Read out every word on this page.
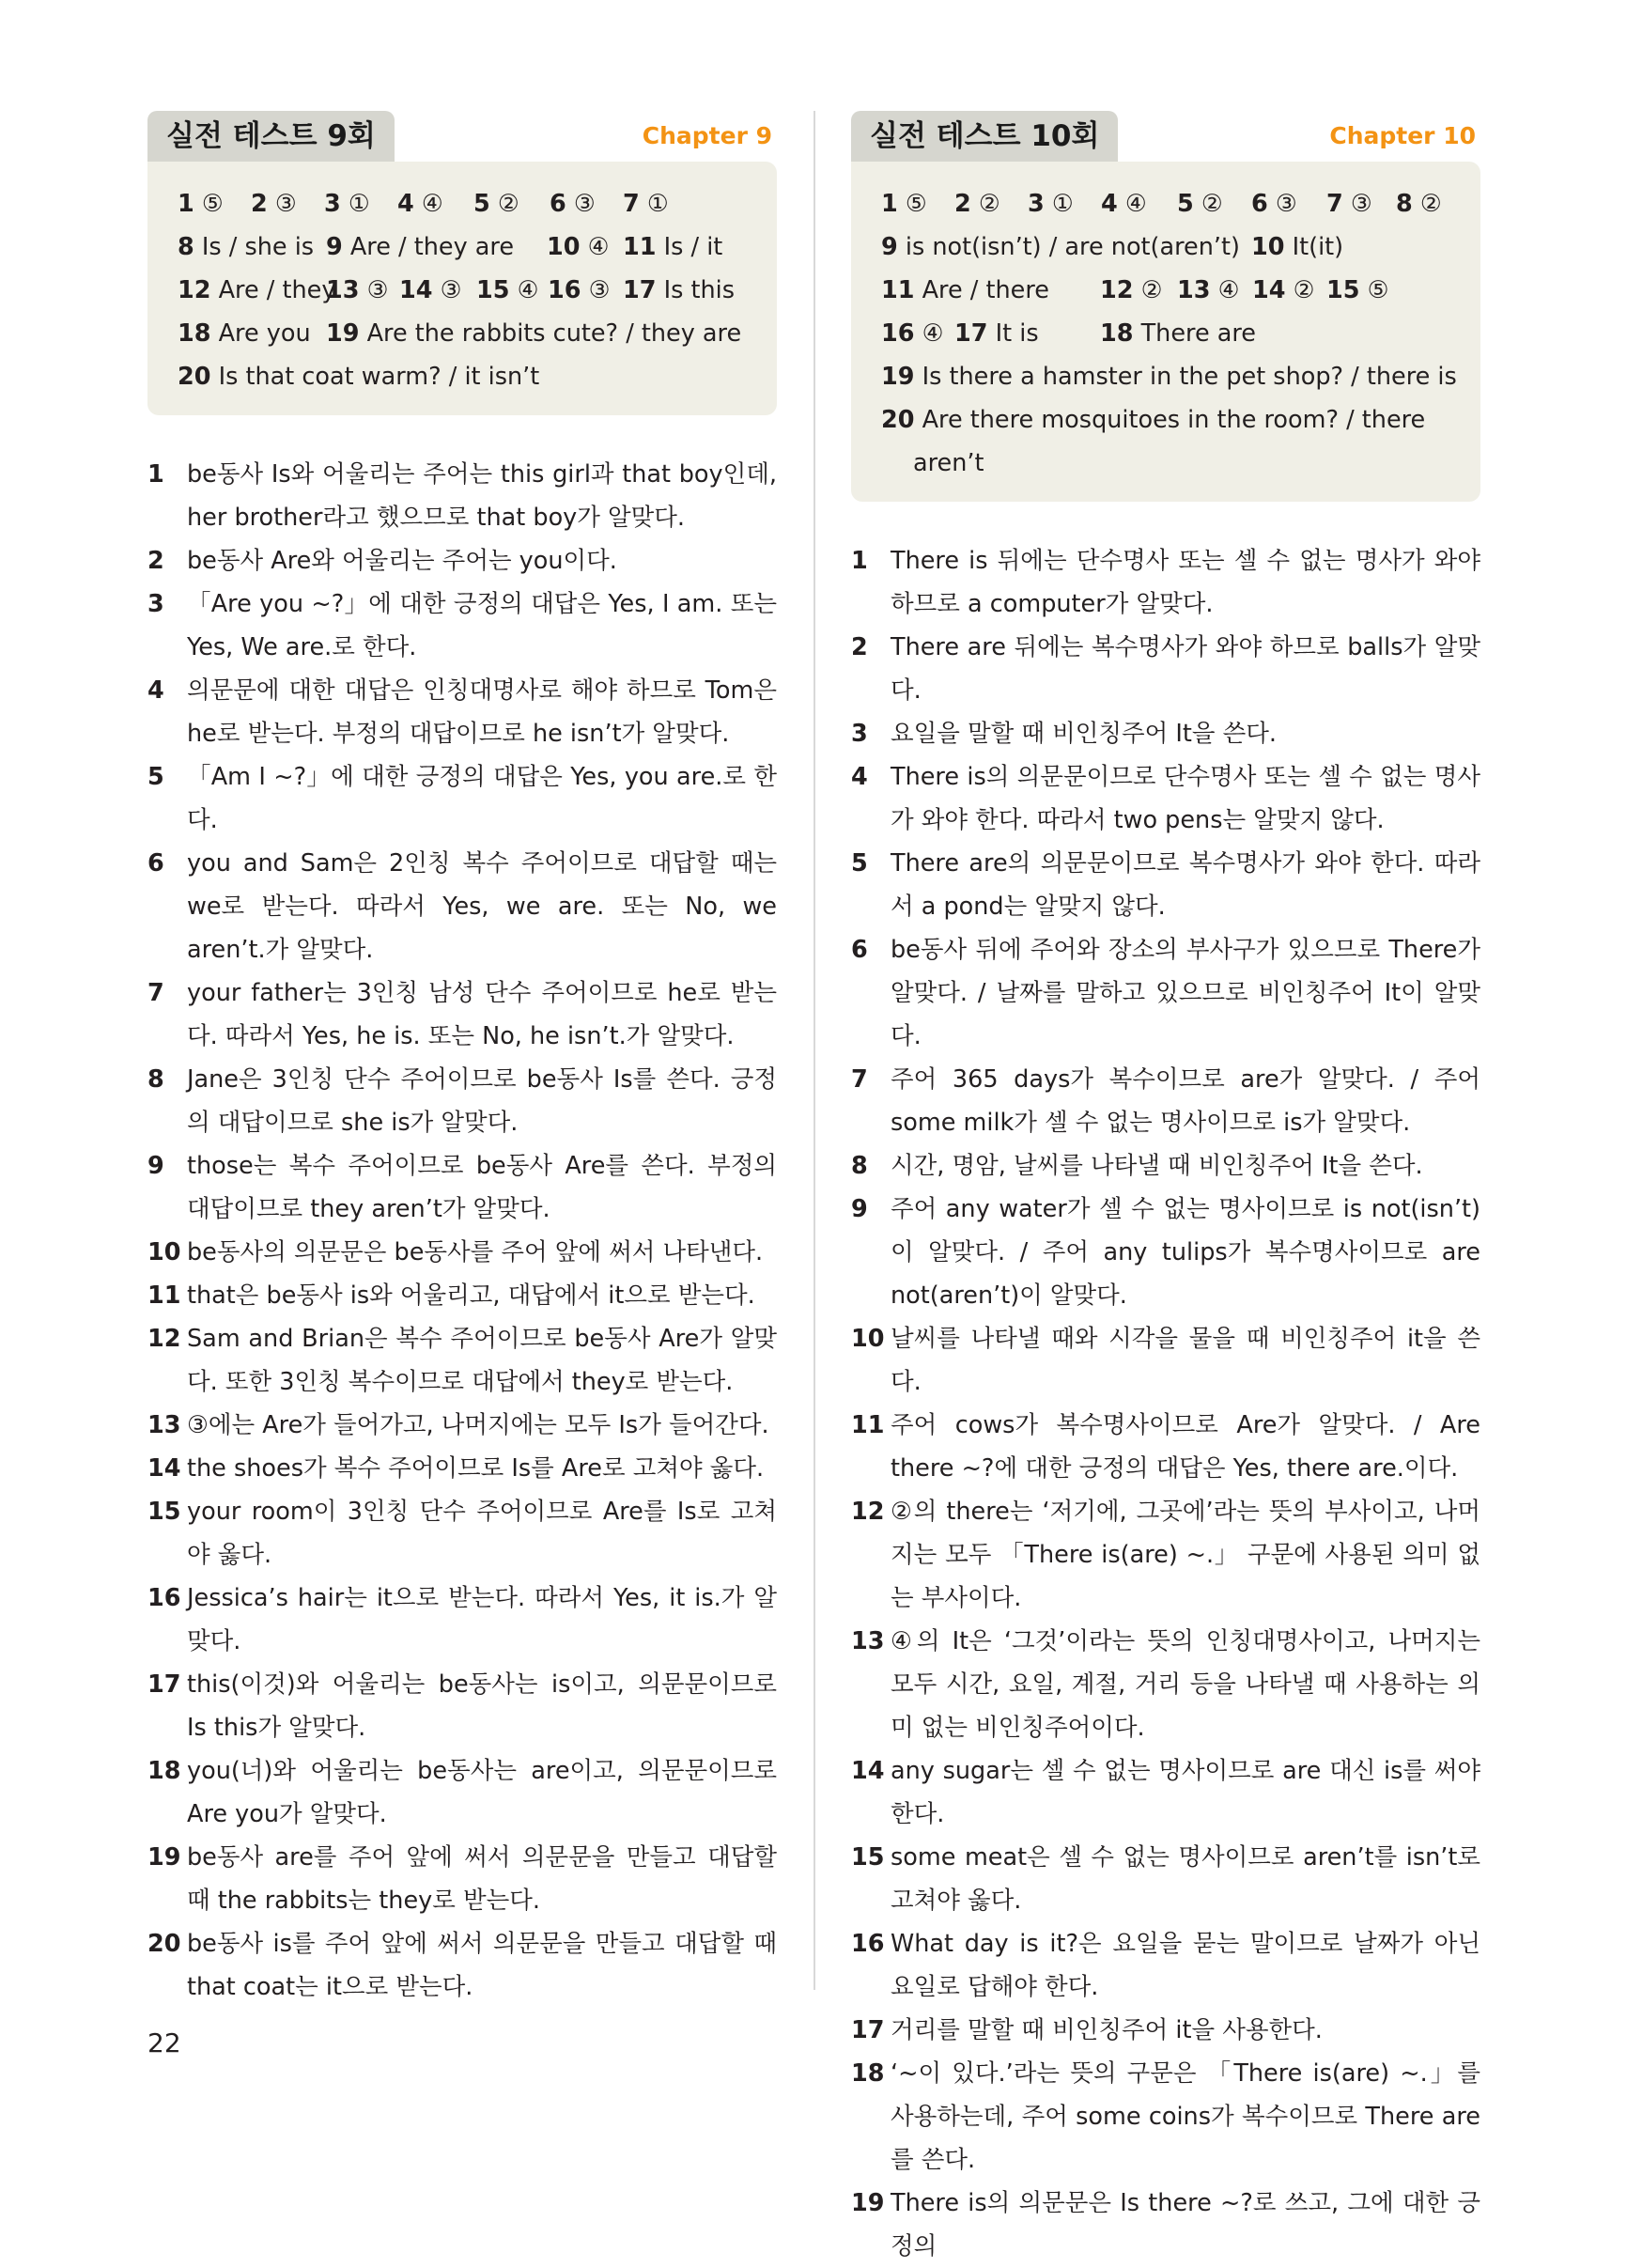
실전 테스트 9회	Chapter 9
1 ⑤ 2 ③ 3 ① 4 ④ 5 ② 6 ③ 7 ①
8 Is / she is 9 Are / they are 10 ④ 11 Is / it
12 Are / they
13 ③ 14 ③ 15 ④ 16 ③ 17 Is this
18 Are you 19 Are the rabbits cute? / they are
20 Is that coat warm? / it isn’t
1 be동사 Is와 어울리는 주어는 this girl과 that boy인데, her brother라고 했으므로 that boy가 알맞다.
2 be동사 Are와 어울리는 주어는 you이다.
3 「Are you ~?」에 대한 긍정의 대답은 Yes, I am. 또는 Yes, We are.로 한다.
4 의문문에 대한 대답은 인칭대명사로 해야 하므로 Tom은 he로 받는다. 부정의 대답이므로 he isn’t가 알맞다.
5 「Am I ~?」에 대한 긍정의 대답은 Yes, you are.로 한다.
6 you and Sam은 2인칭 복수 주어이므로 대답할 때는 we로 받는다. 따라서 Yes, we are. 또는 No, we aren’t.가 알맞다.
7 your father는 3인칭 남성 단수 주어이므로 he로 받는다. 따라서 Yes, he is. 또는 No, he isn’t.가 알맞다.
8 Jane은 3인칭 단수 주어이므로 be동사 Is를 쓴다. 긍정의 대답이므로 she is가 알맞다.
9 those는 복수 주어이므로 be동사 Are를 쓴다. 부정의 대답이므로 they aren’t가 알맞다.
10 be동사의 의문문은 be동사를 주어 앞에 써서 나타낸다.
11 that은 be동사 is와 어울리고, 대답에서 it으로 받는다.
12 Sam and Brian은 복수 주어이므로 be동사 Are가 알맞다. 또한 3인칭 복수이므로 대답에서 they로 받는다.
13 ③에는 Are가 들어가고, 나머지에는 모두 Is가 들어간다.
14 the shoes가 복수 주어이므로 Is를 Are로 고쳐야 옳다.
15 your room이 3인칭 단수 주어이므로 Are를 Is로 고쳐야 옳다.
16 Jessica’s hair는 it으로 받는다. 따라서 Yes, it is.가 알맞다.
17 this(이것)와 어울리는 be동사는 is이고, 의문문이므로 Is this가 알맞다.
18 you(너)와 어울리는 be동사는 are이고, 의문문이므로 Are you가 알맞다.
19 be동사 are를 주어 앞에 써서 의문문을 만들고 대답할 때 the rabbits는 they로 받는다.
20 be동사 is를 주어 앞에 써서 의문문을 만들고 대답할 때 that coat는 it으로 받는다.
실전 테스트 10회	Chapter 10
1 ⑤ 2 ② 3 ① 4 ④ 5 ② 6 ③ 7 ③ 8 ②
9 is not(isn’t) / are not(aren’t) 10 It(it)
11 Are / there 12 ② 13 ④ 14 ② 15 ⑤
16 ④ 17 It is	18 There are
19 Is there a hamster in the pet shop? / there is
20 Are there mosquitoes in the room? / there
aren’t
1 There is 뒤에는 단수명사 또는 셀 수 없는 명사가 와야 하므로 a computer가 알맞다.
2 There are 뒤에는 복수명사가 와야 하므로 balls가 알맞다.
3 요일을 말할 때 비인칭주어 It을 쓴다.
4 There is의 의문문이므로 단수명사 또는 셀 수 없는 명사가 와야 한다. 따라서 two pens는 알맞지 않다.
5 There are의 의문문이므로 복수명사가 와야 한다. 따라서 a pond는 알맞지 않다.
6 be동사 뒤에 주어와 장소의 부사구가 있으므로 There가 알맞다. / 날짜를 말하고 있으므로 비인칭주어 It이 알맞다.
7 주어 365 days가 복수이므로 are가 알맞다. / 주어 some milk가 셀 수 없는 명사이므로 is가 알맞다.
8 시간, 명암, 날씨를 나타낼 때 비인칭주어 It을 쓴다.
9 주어 any water가 셀 수 없는 명사이므로 is not(isn’t)이 알맞다. / 주어 any tulips가 복수명사이므로 are not(aren’t)이 알맞다.
10 날씨를 나타낼 때와 시각을 물을 때 비인칭주어 it을 쓴다.
11 주어 cows가 복수명사이므로 Are가 알맞다. / Are there ~?에 대한 긍정의 대답은 Yes, there are.이다.
12 ②의 there는 ‘저기에, 그곳에’라는 뜻의 부사이고, 나머지는 모두 「There is(are) ~.」 구문에 사용된 의미 없는 부사이다.
13 ④의 It은 ‘그것’이라는 뜻의 인칭대명사이고, 나머지는 모두 시간, 요일, 계절, 거리 등을 나타낼 때 사용하는 의미 없는 비인칭주어이다.
14 any sugar는 셀 수 없는 명사이므로 are 대신 is를 써야 한다.
15 some meat은 셀 수 없는 명사이므로 aren’t를 isn’t로 고쳐야 옳다.
16 What day is it?은 요일을 묻는 말이므로 날짜가 아닌 요일로 답해야 한다.
17 거리를 말할 때 비인칭주어 it을 사용한다.
18 ‘~이 있다.’라는 뜻의 구문은 「There is(are) ~.」를 사용하는데, 주어 some coins가 복수이므로 There are를 쓴다.
19 There is의 의문문은 Is there ~?로 쓰고, 그에 대한 긍정의
22
